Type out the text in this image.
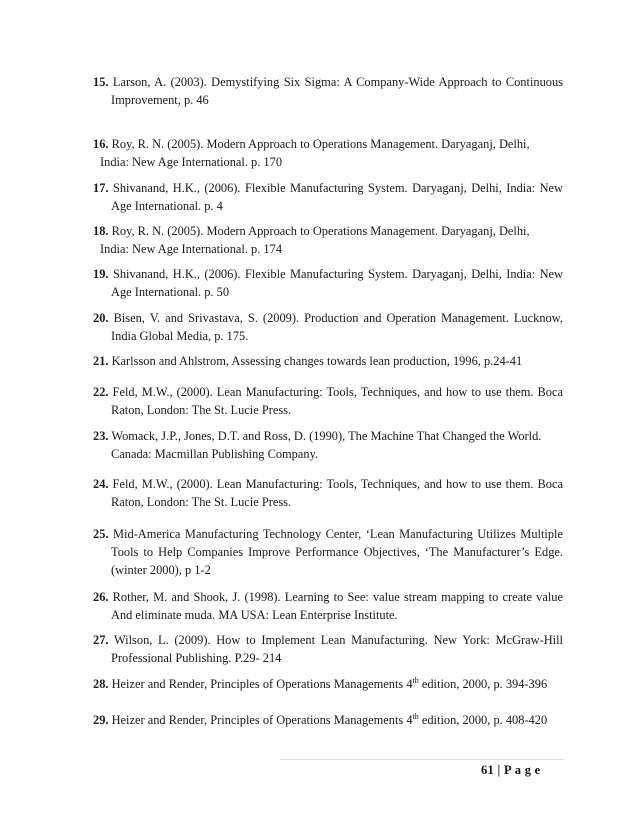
15. Larson, A. (2003). Demystifying Six Sigma: A Company-Wide Approach to Continuous
Improvement, p. 46
16. Roy, R. N. (2005). Modern Approach to Operations Management. Daryaganj, Delhi,
India: New Age International. p. 170
17. Shivanand, H.K., (2006). Flexible Manufacturing System. Daryaganj, Delhi, India: New
Age International. p. 4
18. Roy, R. N. (2005). Modern Approach to Operations Management. Daryaganj, Delhi,
India: New Age International. p. 174
19. Shivanand, H.K., (2006). Flexible Manufacturing System. Daryaganj, Delhi, India: New
Age International. p. 50
20. Bisen, V. and Srivastava, S. (2009). Production and Operation Management. Lucknow,
India Global Media, p. 175.
21. Karlsson and Ahlstrom, Assessing changes towards lean production, 1996, p.24-41
22. Feld, M.W., (2000). Lean Manufacturing: Tools, Techniques, and how to use them. Boca
Raton, London: The St. Lucie Press.
23. Womack, J.P., Jones, D.T. and Ross, D. (1990), The Machine That Changed the World.
Canada: Macmillan Publishing Company.
24. Feld, M.W., (2000). Lean Manufacturing: Tools, Techniques, and how to use them. Boca
Raton, London: The St. Lucie Press.
25. Mid-America Manufacturing Technology Center, ‘Lean Manufacturing Utilizes Multiple
Tools to Help Companies Improve Performance Objectives, ‘The Manufacturer’s Edge.
(winter 2000), p 1-2
26. Rother, M. and Shook, J. (1998). Learning to See: value stream mapping to create value
And eliminate muda. MA USA: Lean Enterprise Institute.
27. Wilson, L. (2009). How to Implement Lean Manufacturing. New York: McGraw-Hill
Professional Publishing. P.29- 214
28. Heizer and Render, Principles of Operations Managements 4th edition, 2000, p. 394-396
29. Heizer and Render, Principles of Operations Managements 4th edition, 2000, p. 408-420
61 | P a g e
